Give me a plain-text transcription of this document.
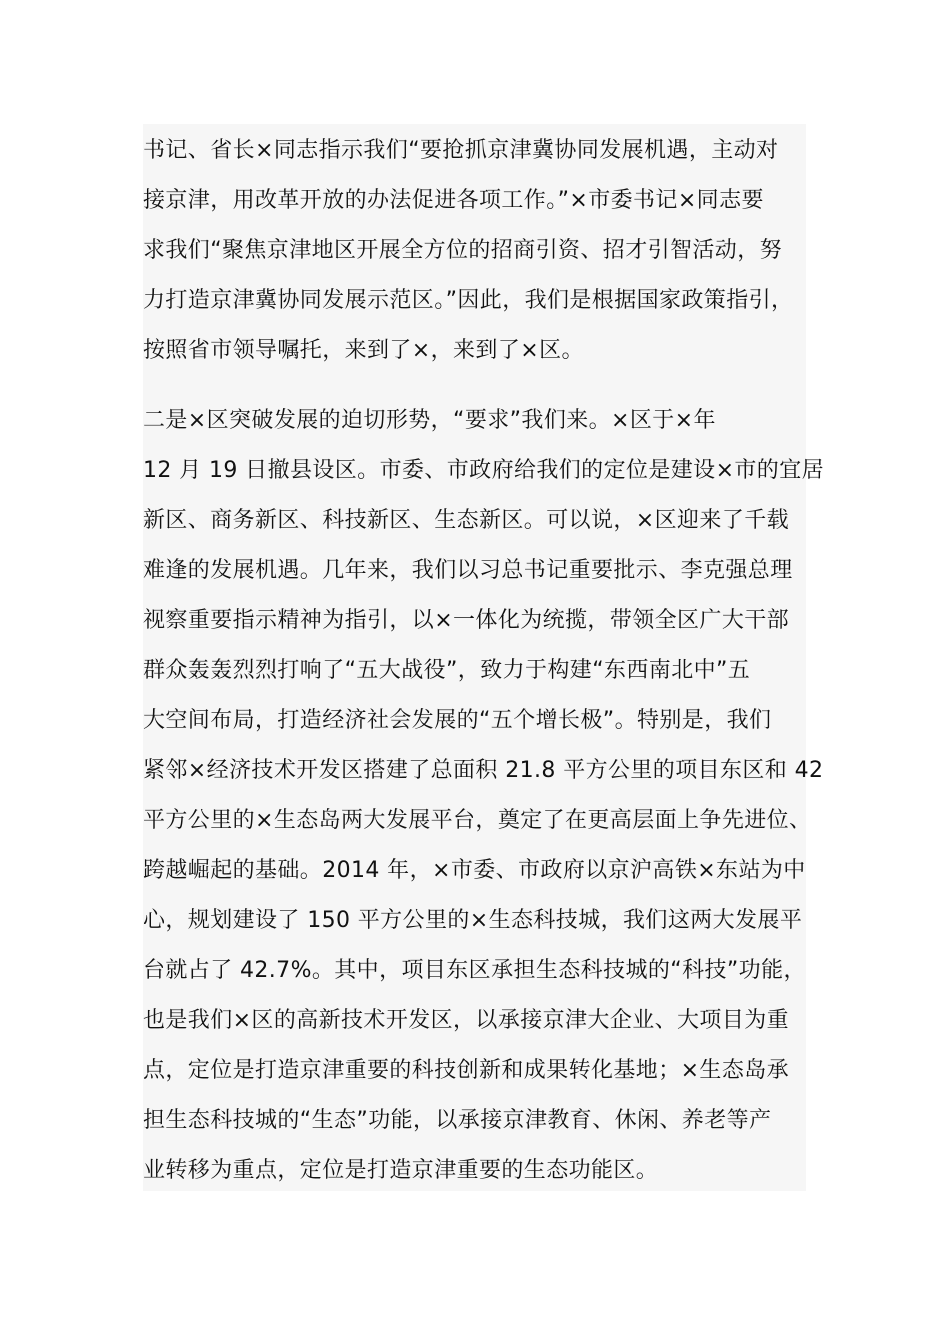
书记、省长×同志指示我们“要抢抓京津冀协同发展机遇，主动对
接京津，用改革开放的办法促进各项工作。”×市委书记×同志要
求我们“聚焦京津地区开展全方位的招商引资、招才引智活动，努
力打造京津冀协同发展示范区。”因此，我们是根据国家政策指引，
按照省市领导嘱托，来到了×，来到了×区。
二是×区突破发展的迫切形势，“要求”我们来。×区于×年
12 月 19 日撤县设区。市委、市政府给我们的定位是建设×市的宜居
新区、商务新区、科技新区、生态新区。可以说，×区迎来了千载
难逢的发展机遇。几年来，我们以习总书记重要批示、李克强总理
视察重要指示精神为指引，以×一体化为统揽，带领全区广大干部
群众轰轰烈烈打响了“五大战役”，致力于构建“东西南北中”五
大空间布局，打造经济社会发展的“五个增长极”。特别是，我们
紧邻×经济技术开发区搭建了总面积 21.8 平方公里的项目东区和 42
平方公里的×生态岛两大发展平台，奠定了在更高层面上争先进位、
跨越崛起的基础。2014 年，×市委、市政府以京沪高铁×东站为中
心，规划建设了 150 平方公里的×生态科技城，我们这两大发展平
台就占了 42.7%。其中，项目东区承担生态科技城的“科技”功能，
也是我们×区的高新技术开发区，以承接京津大企业、大项目为重
点，定位是打造京津重要的科技创新和成果转化基地；×生态岛承
担生态科技城的“生态”功能，以承接京津教育、休闲、养老等产
业转移为重点，定位是打造京津重要的生态功能区。
